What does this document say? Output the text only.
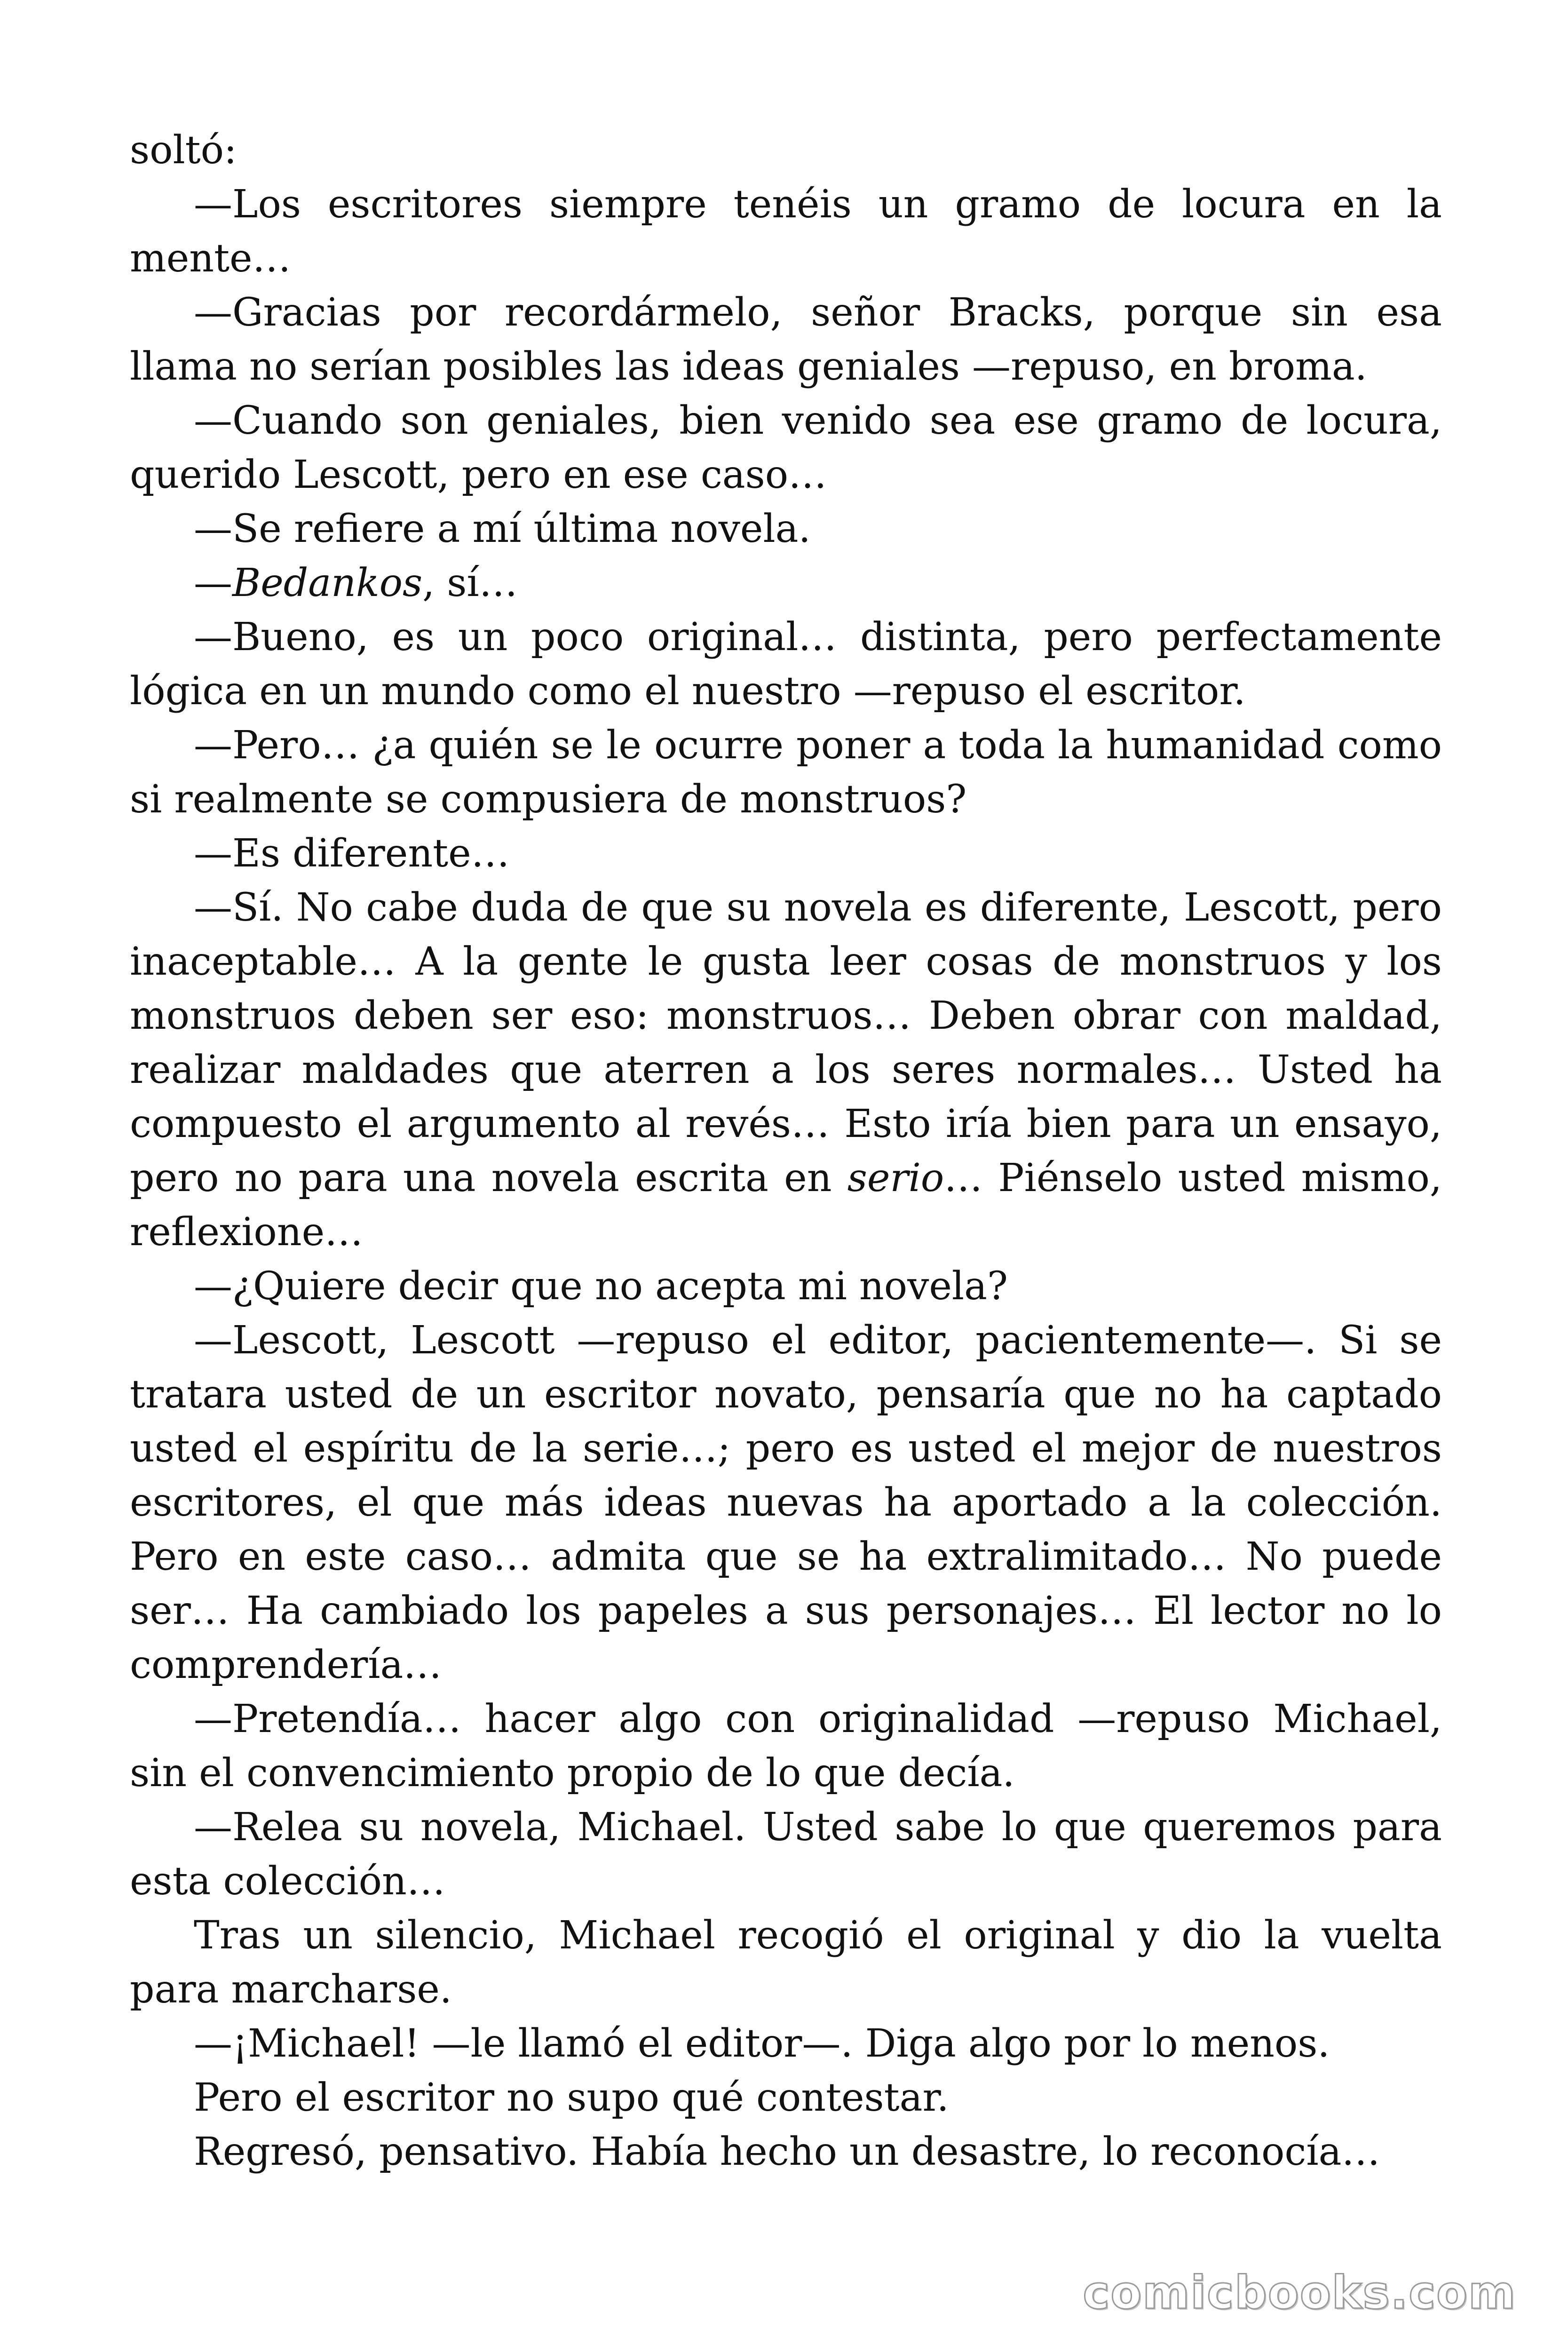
soltó:

—Los escritores siempre tenéis un gramo de locura en la mente…

—Gracias por recordármelo, señor Bracks, porque sin esa llama no serían posibles las ideas geniales —repuso, en broma.

—Cuando son geniales, bien venido sea ese gramo de locura, querido Lescott, pero en ese caso…

—Se refiere a mí última novela.

—Bedankos, sí…

—Bueno, es un poco original… distinta, pero perfectamente lógica en un mundo como el nuestro —repuso el escritor.

—Pero… ¿a quién se le ocurre poner a toda la humanidad como si realmente se compusiera de monstruos?

—Es diferente…

—Sí. No cabe duda de que su novela es diferente, Lescott, pero inaceptable… A la gente le gusta leer cosas de monstruos y los monstruos deben ser eso: monstruos… Deben obrar con maldad, realizar maldades que aterren a los seres normales… Usted ha compuesto el argumento al revés… Esto iría bien para un ensayo, pero no para una novela escrita en serio… Piénselo usted mismo, reflexione…

—¿Quiere decir que no acepta mi novela?

—Lescott, Lescott —repuso el editor, pacientemente—. Si se tratara usted de un escritor novato, pensaría que no ha captado usted el espíritu de la serie…; pero es usted el mejor de nuestros escritores, el que más ideas nuevas ha aportado a la colección. Pero en este caso… admita que se ha extralimitado… No puede ser… Ha cambiado los papeles a sus personajes… El lector no lo comprendería…

—Pretendía… hacer algo con originalidad —repuso Michael, sin el convencimiento propio de lo que decía.

—Relea su novela, Michael. Usted sabe lo que queremos para esta colección…

Tras un silencio, Michael recogió el original y dio la vuelta para marcharse.

—¡Michael! —le llamó el editor—. Diga algo por lo menos.

Pero el escritor no supo qué contestar.

Regresó, pensativo. Había hecho un desastre, lo reconocía…

comicbooks.com
